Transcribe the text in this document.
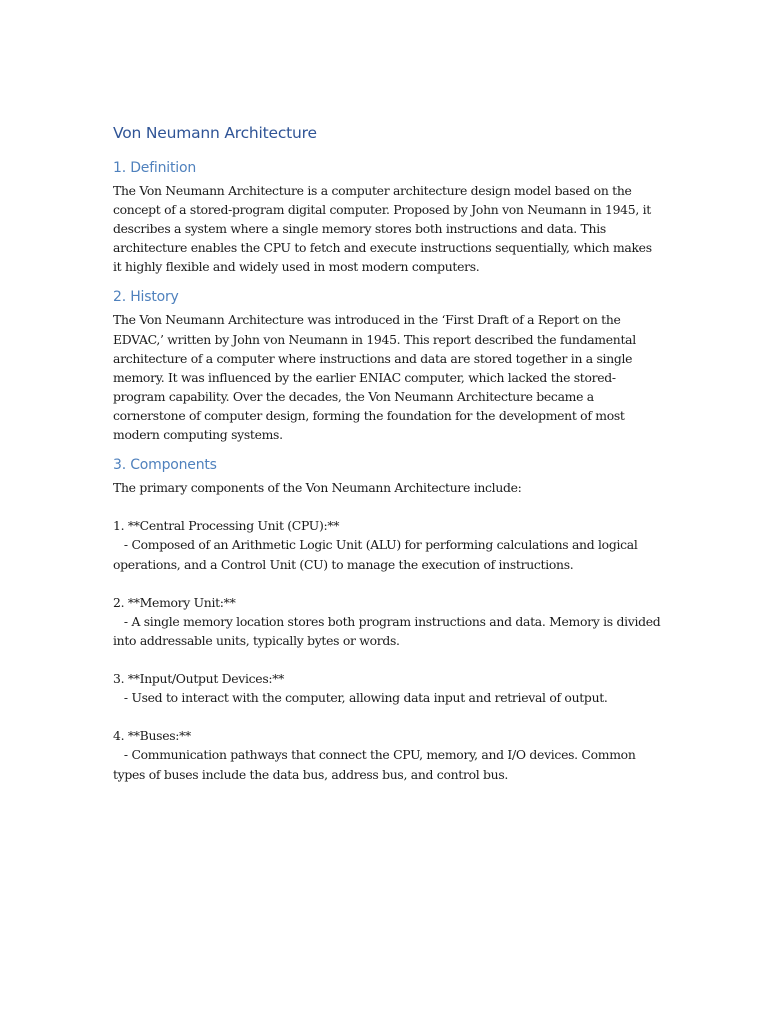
Von Neumann Architecture
1. Definition

The Von Neumann Architecture is a computer architecture design model based on the concept of a stored-program digital computer. Proposed by John von Neumann in 1945, it describes a system where a single memory stores both instructions and data. This architecture enables the CPU to fetch and execute instructions sequentially, which makes it highly flexible and widely used in most modern computers.

2. History

The Von Neumann Architecture was introduced in the ‘First Draft of a Report on the EDVAC,’ written by John von Neumann in 1945. This report described the fundamental architecture of a computer where instructions and data are stored together in a single memory. It was influenced by the earlier ENIAC computer, which lacked the stored-program capability. Over the decades, the Von Neumann Architecture became a cornerstone of computer design, forming the foundation for the development of most modern computing systems.

3. Components

The primary components of the Von Neumann Architecture include:

1. **Central Processing Unit (CPU):**

- Composed of an Arithmetic Logic Unit (ALU) for performing calculations and logical operations, and a Control Unit (CU) to manage the execution of instructions.

2. **Memory Unit:**

- A single memory location stores both program instructions and data. Memory is divided into addressable units, typically bytes or words.

3. **Input/Output Devices:**

- Used to interact with the computer, allowing data input and retrieval of output.

4. **Buses:**

- Communication pathways that connect the CPU, memory, and I/O devices. Common types of buses include the data bus, address bus, and control bus.
